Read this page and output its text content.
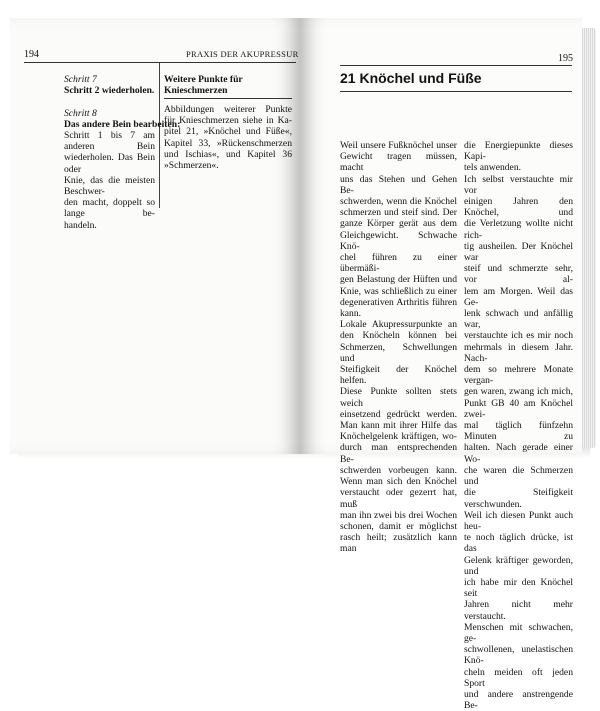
194	PRAXIS DER AKUPRESSUR
Schritt 7
Schritt 2 wiederholen.
Schritt 8
Das andere Bein bearbeiten:
Schritt 1 bis 7 am anderen Bein
wiederholen. Das Bein oder
Knie, das die meisten Beschwer-
den macht, doppelt so lange be-
handeln.
Weitere Punkte für
Knieschmerzen
Abbildungen weiterer Punkte
für Knieschmerzen siehe in Ka-
pitel 21, »Knöchel und Füße«,
Kapitel 33, »Rückenschmerzen
und Ischias«, und Kapitel 36
»Schmerzen«.
195
21 Knöchel und Füße
Weil unsere Fußknöchel unser
Gewicht tragen müssen, macht
uns das Stehen und Gehen Be-
schwerden, wenn die Knöchel
schmerzen und steif sind. Der
ganze Körper gerät aus dem
Gleichgewicht. Schwache Knö-
chel führen zu einer übermäßi-
gen Belastung der Hüften und
Knie, was schließlich zu einer
degenerativen Arthritis führen
kann.
Lokale Akupressurpunkte an
den Knöcheln können bei
Schmerzen, Schwellungen und
Steifigkeit der Knöchel helfen.
Diese Punkte sollten stets weich
einsetzend gedrückt werden.
Man kann mit ihrer Hilfe das
Knöchelgelenk kräftigen, wo-
durch man entsprechenden Be-
schwerden vorbeugen kann.
Wenn man sich den Knöchel
verstaucht oder gezerrt hat, muß
man ihn zwei bis drei Wochen
schonen, damit er möglichst
rasch heilt; zusätzlich kann man
die Energiepunkte dieses Kapi-
tels anwenden.
Ich selbst verstauchte mir vor
einigen Jahren den Knöchel, und
die Verletzung wollte nicht rich-
tig ausheilen. Der Knöchel war
steif und schmerzte sehr, vor al-
lem am Morgen. Weil das Ge-
lenk schwach und anfällig war,
verstauchte ich es mir noch
mehrmals in diesem Jahr. Nach-
dem so mehrere Monate vergan-
gen waren, zwang ich mich,
Punkt GB 40 am Knöchel zwei-
mal täglich fünfzehn Minuten zu
halten. Nach gerade einer Wo-
che waren die Schmerzen und
die Steifigkeit verschwunden.
Weil ich diesen Punkt auch heu-
te noch täglich drücke, ist das
Gelenk kräftiger geworden, und
ich habe mir den Knöchel seit
Jahren nicht mehr verstaucht.
Menschen mit schwachen, ge-
schwollenen, unelastischen Knö-
cheln meiden oft jeden Sport
und andere anstrengende Be-
